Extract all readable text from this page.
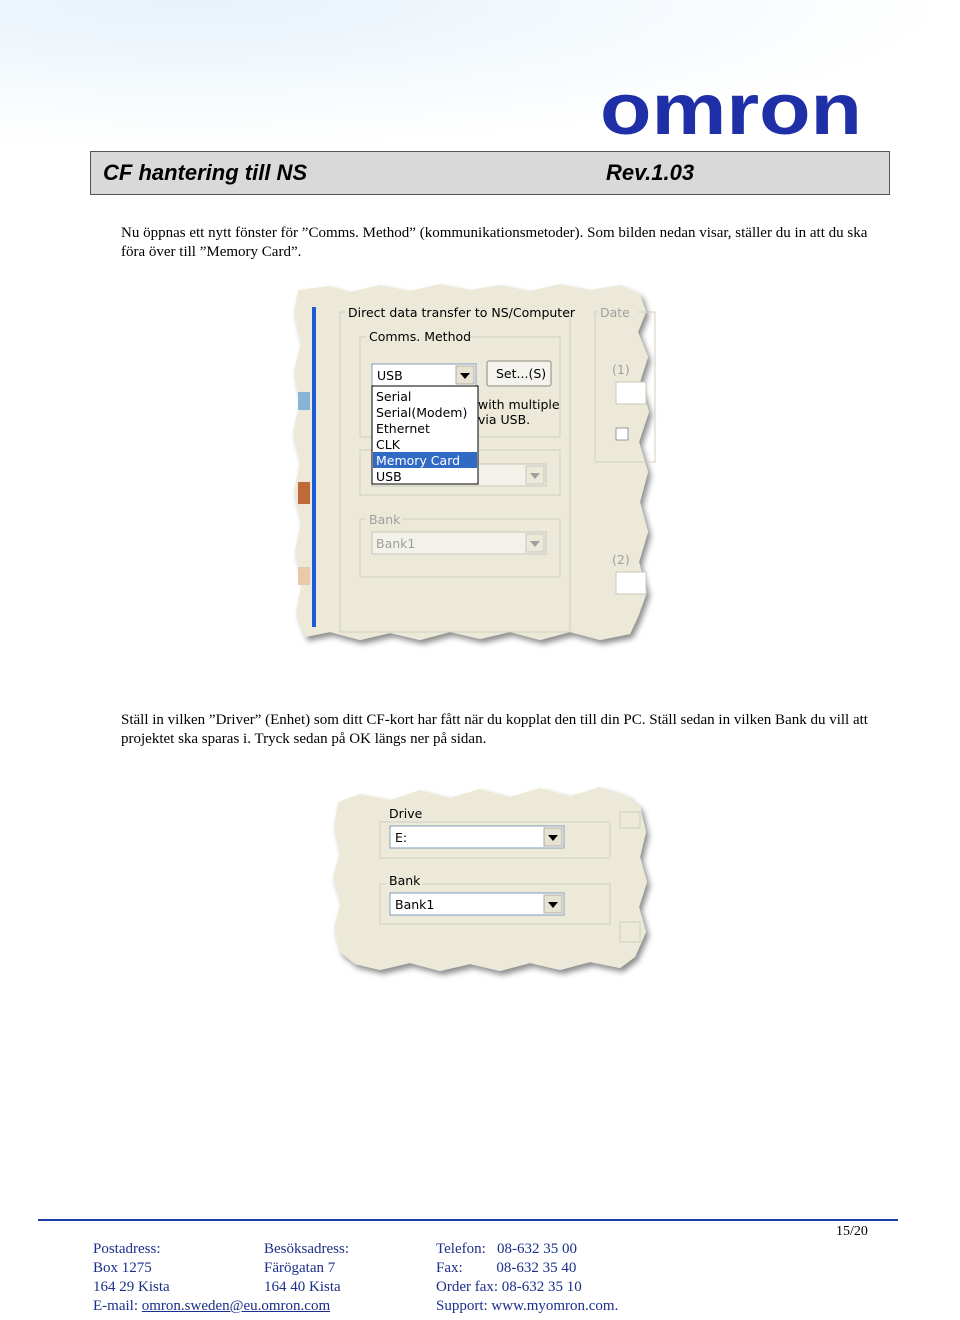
omron
CF hantering till NS	Rev.1.03
Nu öppnas ett nytt fönster för ”Comms. Method” (kommunikationsmetoder). Som bilden nedan visar, ställer du in att du ska föra över till ”Memory Card”.
Direct data transfer to NS/Computer Date
(1)
(2)
Comms. Method
USB	Set...(S)
with multiple
via USB.
Serial
Serial(Modem)
Ethernet
CLK
Memory Card
USB
Bank
Bank1
Ställ in vilken ”Driver” (Enhet) som ditt CF-kort har fått när du kopplat den till din PC. Ställ sedan in vilken Bank du vill att projektet ska sparas i. Tryck sedan på OK längs ner på sidan.
Drive
E:
Bank
Bank1
15/20
Postadress:
Box 1275
164 29 Kista
E-mail: omron.sweden@eu.omron.com
Besöksadress:
Färögatan 7
164 40 Kista
Telefon:   08-632 35 00
Fax:         08-632 35 40
Order fax: 08-632 35 10
Support: www.myomron.com.
